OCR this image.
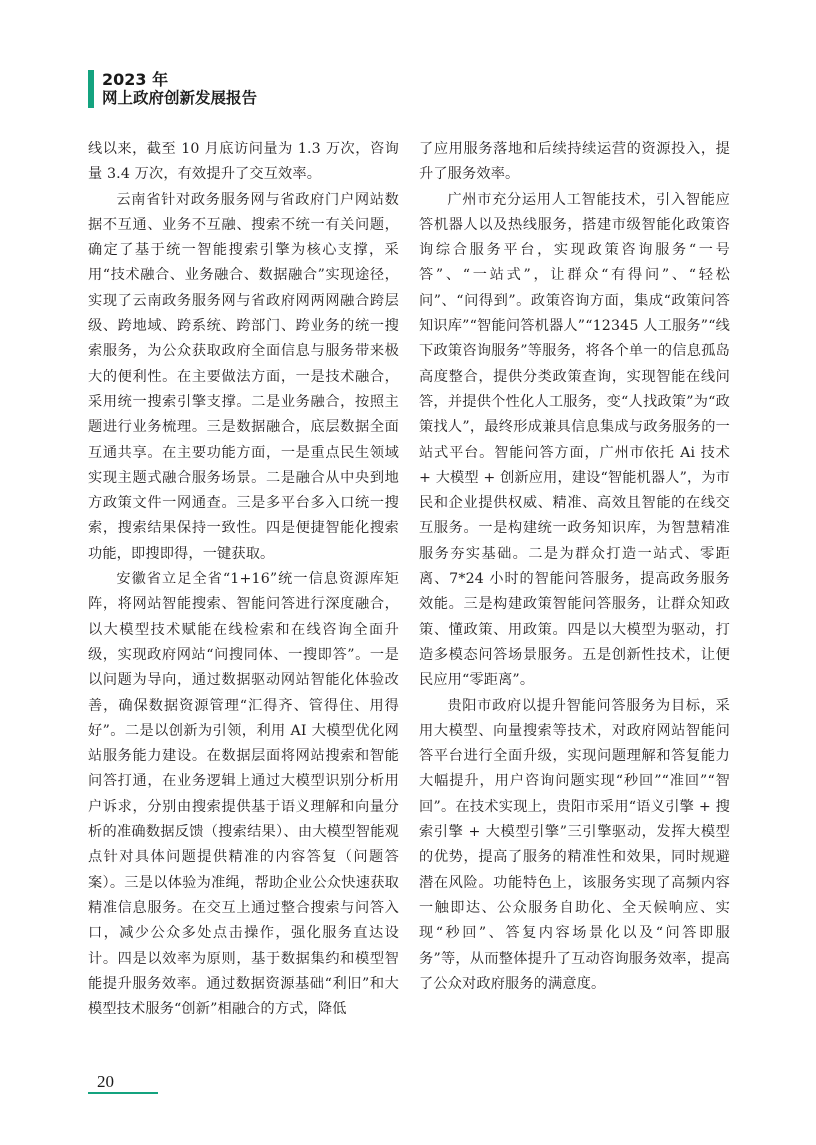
2023 年
网上政府创新发展报告

线以来，截至 10 月底访问量为 1.3 万次，咨询量 3.4 万次，有效提升了交互效率。

云南省针对政务服务网与省政府门户网站数据不互通、业务不互融、搜索不统一有关问题，确定了基于统一智能搜索引擎为核心支撑，采用“技术融合、业务融合、数据融合”实现途径，实现了云南政务服务网与省政府网两网融合跨层级、跨地域、跨系统、跨部门、跨业务的统一搜索服务，为公众获取政府全面信息与服务带来极大的便利性。在主要做法方面，一是技术融合，采用统一搜索引擎支撑。二是业务融合，按照主题进行业务梳理。三是数据融合，底层数据全面互通共享。在主要功能方面，一是重点民生领域实现主题式融合服务场景。二是融合从中央到地方政策文件一网通查。三是多平台多入口统一搜索，搜索结果保持一致性。四是便捷智能化搜索功能，即搜即得，一键获取。

安徽省立足全省“1+16”统一信息资源库矩阵，将网站智能搜索、智能问答进行深度融合，以大模型技术赋能在线检索和在线咨询全面升级，实现政府网站“问搜同体、一搜即答”。一是以问题为导向，通过数据驱动网站智能化体验改善，确保数据资源管理“汇得齐、管得住、用得好”。二是以创新为引领，利用 AI 大模型优化网站服务能力建设。在数据层面将网站搜索和智能问答打通，在业务逻辑上通过大模型识别分析用户诉求，分别由搜索提供基于语义理解和向量分析的准确数据反馈（搜索结果）、由大模型智能观点针对具体问题提供精准的内容答复（问题答案）。三是以体验为准绳，帮助企业公众快速获取精准信息服务。在交互上通过整合搜索与问答入口，减少公众多处点击操作，强化服务直达设计。四是以效率为原则，基于数据集约和模型智能提升服务效率。通过数据资源基础“利旧”和大模型技术服务“创新”相融合的方式，降低

了应用服务落地和后续持续运营的资源投入，提升了服务效率。

广州市充分运用人工智能技术，引入智能应答机器人以及热线服务，搭建市级智能化政策咨询综合服务平台，实现政策咨询服务“一号答”、“一站式”，让群众“有得问”、“轻松问”、“问得到”。政策咨询方面，集成“政策问答知识库”“智能问答机器人”“12345 人工服务”“线下政策咨询服务”等服务，将各个单一的信息孤岛高度整合，提供分类政策查询，实现智能在线问答，并提供个性化人工服务，变“人找政策”为“政策找人”，最终形成兼具信息集成与政务服务的一站式平台。智能问答方面，广州市依托 Ai 技术 + 大模型 + 创新应用，建设“智能机器人”，为市民和企业提供权威、精准、高效且智能的在线交互服务。一是构建统一政务知识库，为智慧精准服务夯实基础。二是为群众打造一站式、零距离、7*24 小时的智能问答服务，提高政务服务效能。三是构建政策智能问答服务，让群众知政策、懂政策、用政策。四是以大模型为驱动，打造多模态问答场景服务。五是创新性技术，让便民应用“零距离”。

贵阳市政府以提升智能问答服务为目标，采用大模型、向量搜索等技术，对政府网站智能问答平台进行全面升级，实现问题理解和答复能力大幅提升，用户咨询问题实现“秒回”“准回”“智回”。在技术实现上，贵阳市采用“语义引擎 + 搜索引擎 + 大模型引擎”三引擎驱动，发挥大模型的优势，提高了服务的精准性和效果，同时规避潜在风险。功能特色上，该服务实现了高频内容一触即达、公众服务自助化、全天候响应、实现“秒回”、答复内容场景化以及“问答即服务”等，从而整体提升了互动咨询服务效率，提高了公众对政府服务的满意度。

20
